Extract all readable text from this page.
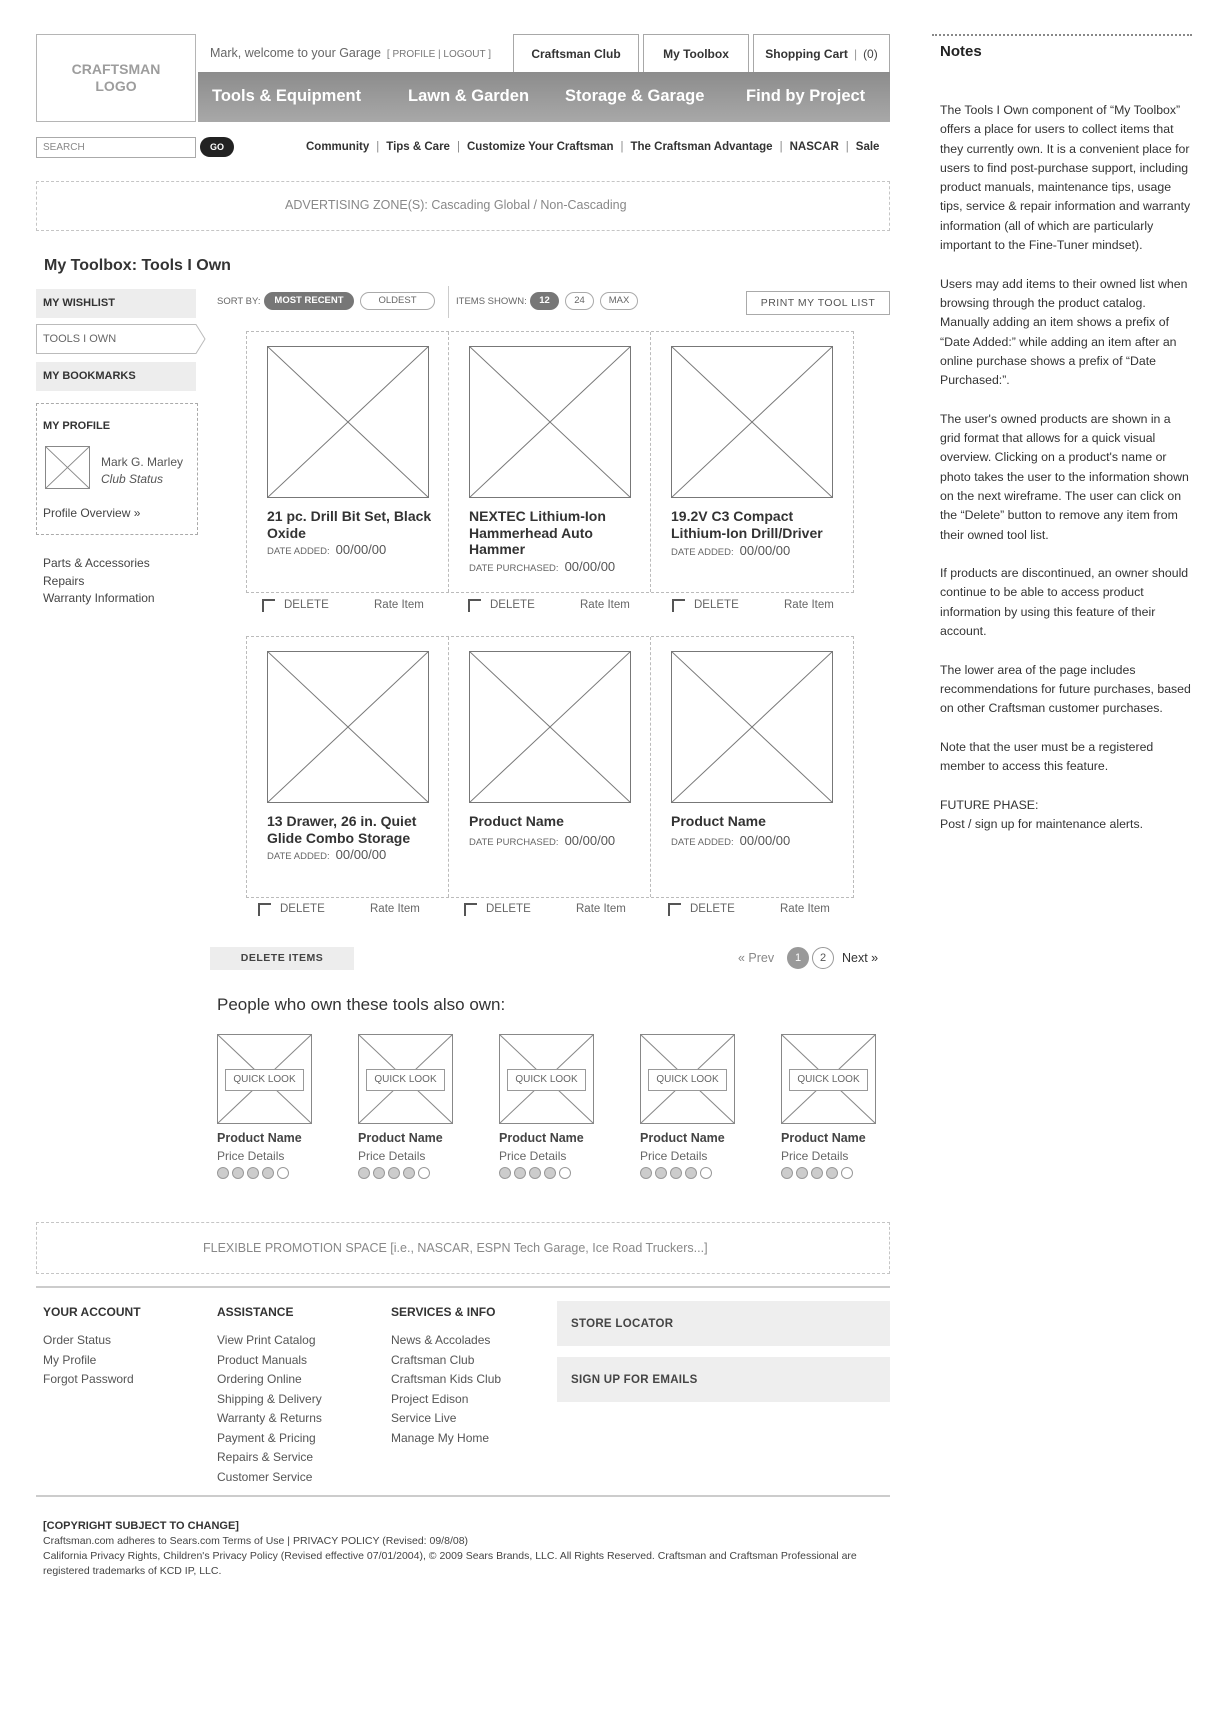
CRAFTSMAN
LOGO
Mark, welcome to your Garage [ PROFILE | LOGOUT ]	Craftsman Club	My Toolbox	Shopping Cart | (0)
Tools & Equipment	Lawn & Garden Storage & Garage	Find by Project
SEARCH	GO	Community | Tips & Care | Customize Your Craftsman | The Craftsman Advantage | NASCAR | Sale
ADVERTISING ZONE(S): Cascading Global / Non-Cascading
My Toolbox: Tools I Own
MY WISHLIST
TOOLS I OWN
MY BOOKMARKS
MY PROFILE
Mark G. Marley
Club Status
Profile Overview »
Parts & Accessories
Repairs
Warranty Information
SORT BY:	MOST RECENT	OLDEST	ITEMS SHOWN:	12	24	MAX	PRINT MY TOOL LIST
21 pc. Drill Bit Set, Black Oxide
DATE ADDED: 00/00/00
NEXTEC Lithium-Ion Hammerhead Auto Hammer
DATE PURCHASED: 00/00/00
19.2V C3 Compact Lithium-Ion Drill/Driver
DATE ADDED: 00/00/00
DELETE	Rate Item	DELETE	Rate Item	DELETE	Rate Item
13 Drawer, 26 in. Quiet Glide Combo Storage
DATE ADDED: 00/00/00
Product Name
DATE PURCHASED: 00/00/00
Product Name
DATE ADDED: 00/00/00
DELETE	Rate Item	DELETE	Rate Item	DELETE	Rate Item
DELETE ITEMS	« Prev	1	2	Next »
People who own these tools also own:
QUICK LOOK
Product Name
Price Details
QUICK LOOK
Product Name
Price Details
QUICK LOOK
Product Name
Price Details
QUICK LOOK
Product Name
Price Details
QUICK LOOK
Product Name
Price Details
FLEXIBLE PROMOTION SPACE [i.e., NASCAR, ESPN Tech Garage, Ice Road Truckers...]
YOUR ACCOUNT
Order Status
My Profile
Forgot Password
ASSISTANCE
View Print Catalog
Product Manuals
Ordering Online
Shipping & Delivery
Warranty & Returns
Payment & Pricing
Repairs & Service
Customer Service
SERVICES & INFO
News & Accolades
Craftsman Club
Craftsman Kids Club
Project Edison
Service Live
Manage My Home
STORE LOCATOR
SIGN UP FOR EMAILS
[COPYRIGHT SUBJECT TO CHANGE]
Craftsman.com adheres to Sears.com Terms of Use | PRIVACY POLICY (Revised: 09/8/08)
California Privacy Rights, Children's Privacy Policy (Revised effective 07/01/2004), © 2009 Sears Brands, LLC. All Rights Reserved. Craftsman and Craftsman Professional are registered trademarks of KCD IP, LLC.
Notes

The Tools I Own component of “My Toolbox” offers a place for users to collect items that they currently own. It is a convenient place for users to find post-purchase support, including product manuals, maintenance tips, usage tips, service & repair information and warranty information (all of which are particularly important to the Fine-Tuner mindset).

Users may add items to their owned list when browsing through the product catalog. Manually adding an item shows a prefix of “Date Added:” while adding an item after an online purchase shows a prefix of “Date Purchased:”.

The user's owned products are shown in a grid format that allows for a quick visual overview. Clicking on a product's name or photo takes the user to the information shown on the next wireframe. The user can click on the “Delete” button to remove any item from their owned tool list.

If products are discontinued, an owner should continue to be able to access product information by using this feature of their account.

The lower area of the page includes recommendations for future purchases, based on other Craftsman customer purchases.

Note that the user must be a registered member to access this feature.

FUTURE PHASE:
Post / sign up for maintenance alerts.
